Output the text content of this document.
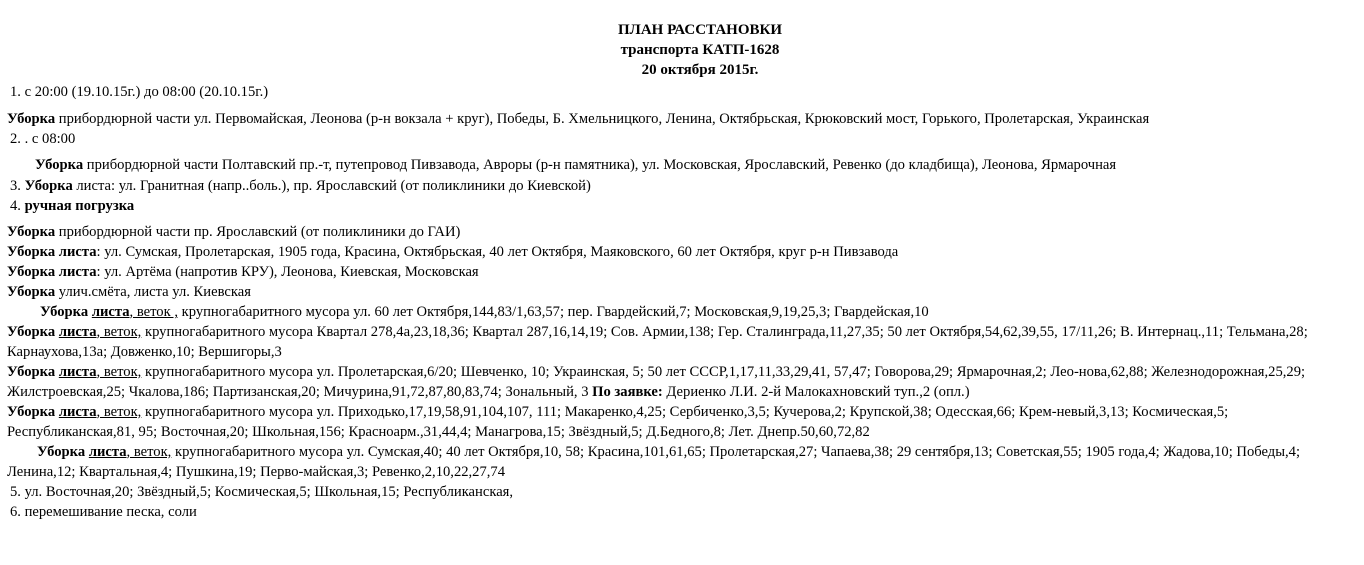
ПЛАН РАССТАНОВКИ
транспорта КАТП-1628
20 октября 2015г.
1. с 20:00 (19.10.15г.) до 08:00 (20.10.15г.)
Уборка прибордюрной части ул. Первомайская, Леонова (р-н вокзала + круг), Победы, Б. Хмельницкого, Ленина, Октябрьская, Крюковский мост, Горького, Пролетарская, Украинская
2. . с 08:00
Уборка прибордюрной части Полтавский пр.-т, путепровод Пивзавода, Авроры (р-н памятника), ул. Московская, Ярославский, Ревенко (до кладбища), Леонова, Ярмарочная
3. Уборка листа: ул. Гранитная (напр..боль.), пр. Ярославский (от поликлиники до Киевской)
4. ручная погрузка
Уборка прибордюрной части пр. Ярославский (от поликлиники до ГАИ)
Уборка листа: ул. Сумская, Пролетарская, 1905 года, Красина, Октябрьская, 40 лет Октября, Маяковского, 60 лет Октября, круг р-н Пивзавода
Уборка листа: ул. Артёма (напротив КРУ), Леонова, Киевская, Московская
Уборка улич.смёта, листа ул. Киевская
Уборка листа, веток , крупногабаритного мусора ул. 60 лет Октября,144,83/1,63,57; пер. Гвардейский,7; Московская,9,19,25,3; Гвардейская,10
Уборка листа, веток, крупногабаритного мусора Квартал 278,4а,23,18,36; Квартал 287,16,14,19; Сов. Армии,138; Гер. Сталинграда,11,27,35; 50 лет Октября,54,62,39,55, 17/11,26; В. Интернац.,11; Тельмана,28; Карнаухова,13а; Довженко,10; Вершигоры,3
Уборка листа, веток, крупногабаритного мусора ул. Пролетарская,6/20; Шевченко, 10; Украинская, 5; 50 лет СССР,1,17,11,33,29,41, 57,47; Говорова,29; Ярмарочная,2; Лео-нова,62,88; Железнодорожная,25,29; Жилстроевская,25; Чкалова,186; Партизанская,20; Мичурина,91,72,87,80,83,74; Зональный, 3 По заявке: Дериенко Л.И. 2-й Малокахновский туп.,2 (опл.)
Уборка листа, веток, крупногабаритного мусора ул. Приходько,17,19,58,91,104,107, 111; Макаренко,4,25; Сербиченко,3,5; Кучерова,2; Крупской,38; Одесская,66; Крем-невый,3,13; Космическая,5; Республиканская,81, 95; Восточная,20; Школьная,156; Красноарм.,31,44,4; Манагрова,15; Звёздный,5; Д.Бедного,8; Лет. Днепр.50,60,72,82
Уборка листа, веток, крупногабаритного мусора ул. Сумская,40; 40 лет Октября,10, 58; Красина,101,61,65; Пролетарская,27; Чапаева,38; 29 сентября,13; Советская,55; 1905 года,4; Жадова,10; Победы,4; Ленина,12; Квартальная,4; Пушкина,19; Перво-майская,3; Ревенко,2,10,22,27,74
5. ул. Восточная,20; Звёздный,5; Космическая,5; Школьная,15; Республиканская,
6. перемешивание песка, соли
